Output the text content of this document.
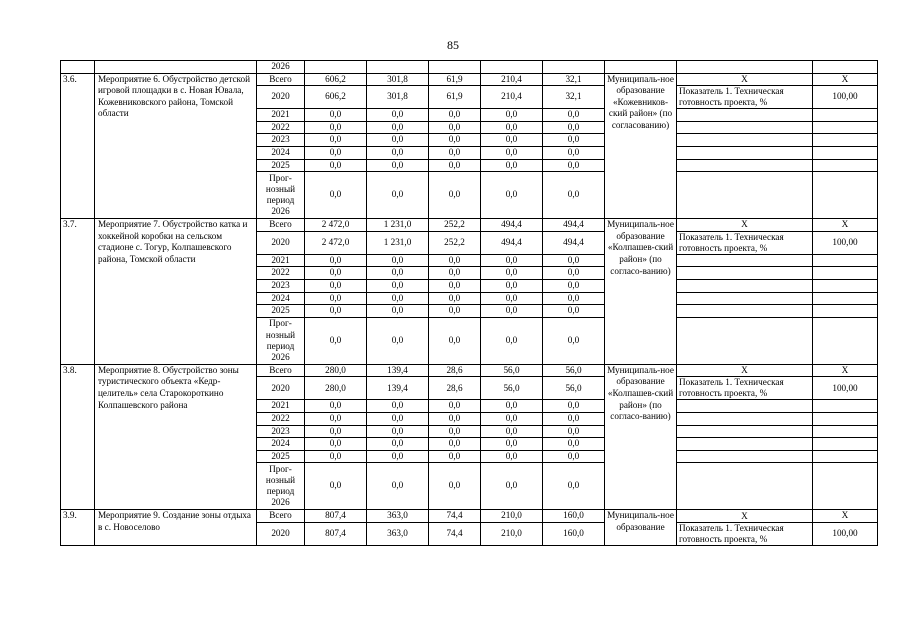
85
		2026								
3.6.	Мероприятие 6. Обустройство детской игровой площадки в с. Новая Ювала, Кожевниковского района, Томской области	Всего	606,2	301,8	61,9	210,4	32,1	Муниципаль-ное образование «Кожевников-ский район» (по согласованию)	Х	Х
		2020	606,2	301,8	61,9	210,4	32,1		Показатель 1. Техническая готовность проекта, %	100,00
		2021	0,0	0,0	0,0	0,0	0,0			
		2022	0,0	0,0	0,0	0,0	0,0			
		2023	0,0	0,0	0,0	0,0	0,0			
		2024	0,0	0,0	0,0	0,0	0,0			
		2025	0,0	0,0	0,0	0,0	0,0			
		Прог-нозный период 2026	0,0	0,0	0,0	0,0	0,0			
3.7.	Мероприятие 7. Обустройство катка и хоккейной коробки на сельском стадионе с. Тогур, Колпашевского района, Томской области	Всего	2 472,0	1 231,0	252,2	494,4	494,4	Муниципаль-ное образование «Колпашев-ский район» (по согласо-ванию)	Х	Х
		2020	2 472,0	1 231,0	252,2	494,4	494,4		Показатель 1. Техническая готовность проекта, %	100,00
		2021	0,0	0,0	0,0	0,0	0,0			
		2022	0,0	0,0	0,0	0,0	0,0			
		2023	0,0	0,0	0,0	0,0	0,0			
		2024	0,0	0,0	0,0	0,0	0,0			
		2025	0,0	0,0	0,0	0,0	0,0			
		Прог-нозный период 2026	0,0	0,0	0,0	0,0	0,0			
3.8.	Мероприятие 8. Обустройство зоны туристического объекта «Кедр-целитель» села Старокороткино Колпашевского района	Всего	280,0	139,4	28,6	56,0	56,0	Муниципаль-ное образование «Колпашев-ский район» (по согласо-ванию)	Х	Х
		2020	280,0	139,4	28,6	56,0	56,0		Показатель 1. Техническая готовность проекта, %	100,00
		2021	0,0	0,0	0,0	0,0	0,0			
		2022	0,0	0,0	0,0	0,0	0,0			
		2023	0,0	0,0	0,0	0,0	0,0			
		2024	0,0	0,0	0,0	0,0	0,0			
		2025	0,0	0,0	0,0	0,0	0,0			
		Прог-нозный период 2026	0,0	0,0	0,0	0,0	0,0			
3.9.	Мероприятие 9. Создание зоны отдыха в с. Новоселово	Всего	807,4	363,0	74,4	210,0	160,0	Муниципаль-ное образование	Х	Х
		2020	807,4	363,0	74,4	210,0	160,0		Показатель 1. Техническая готовность проекта, %	100,00
